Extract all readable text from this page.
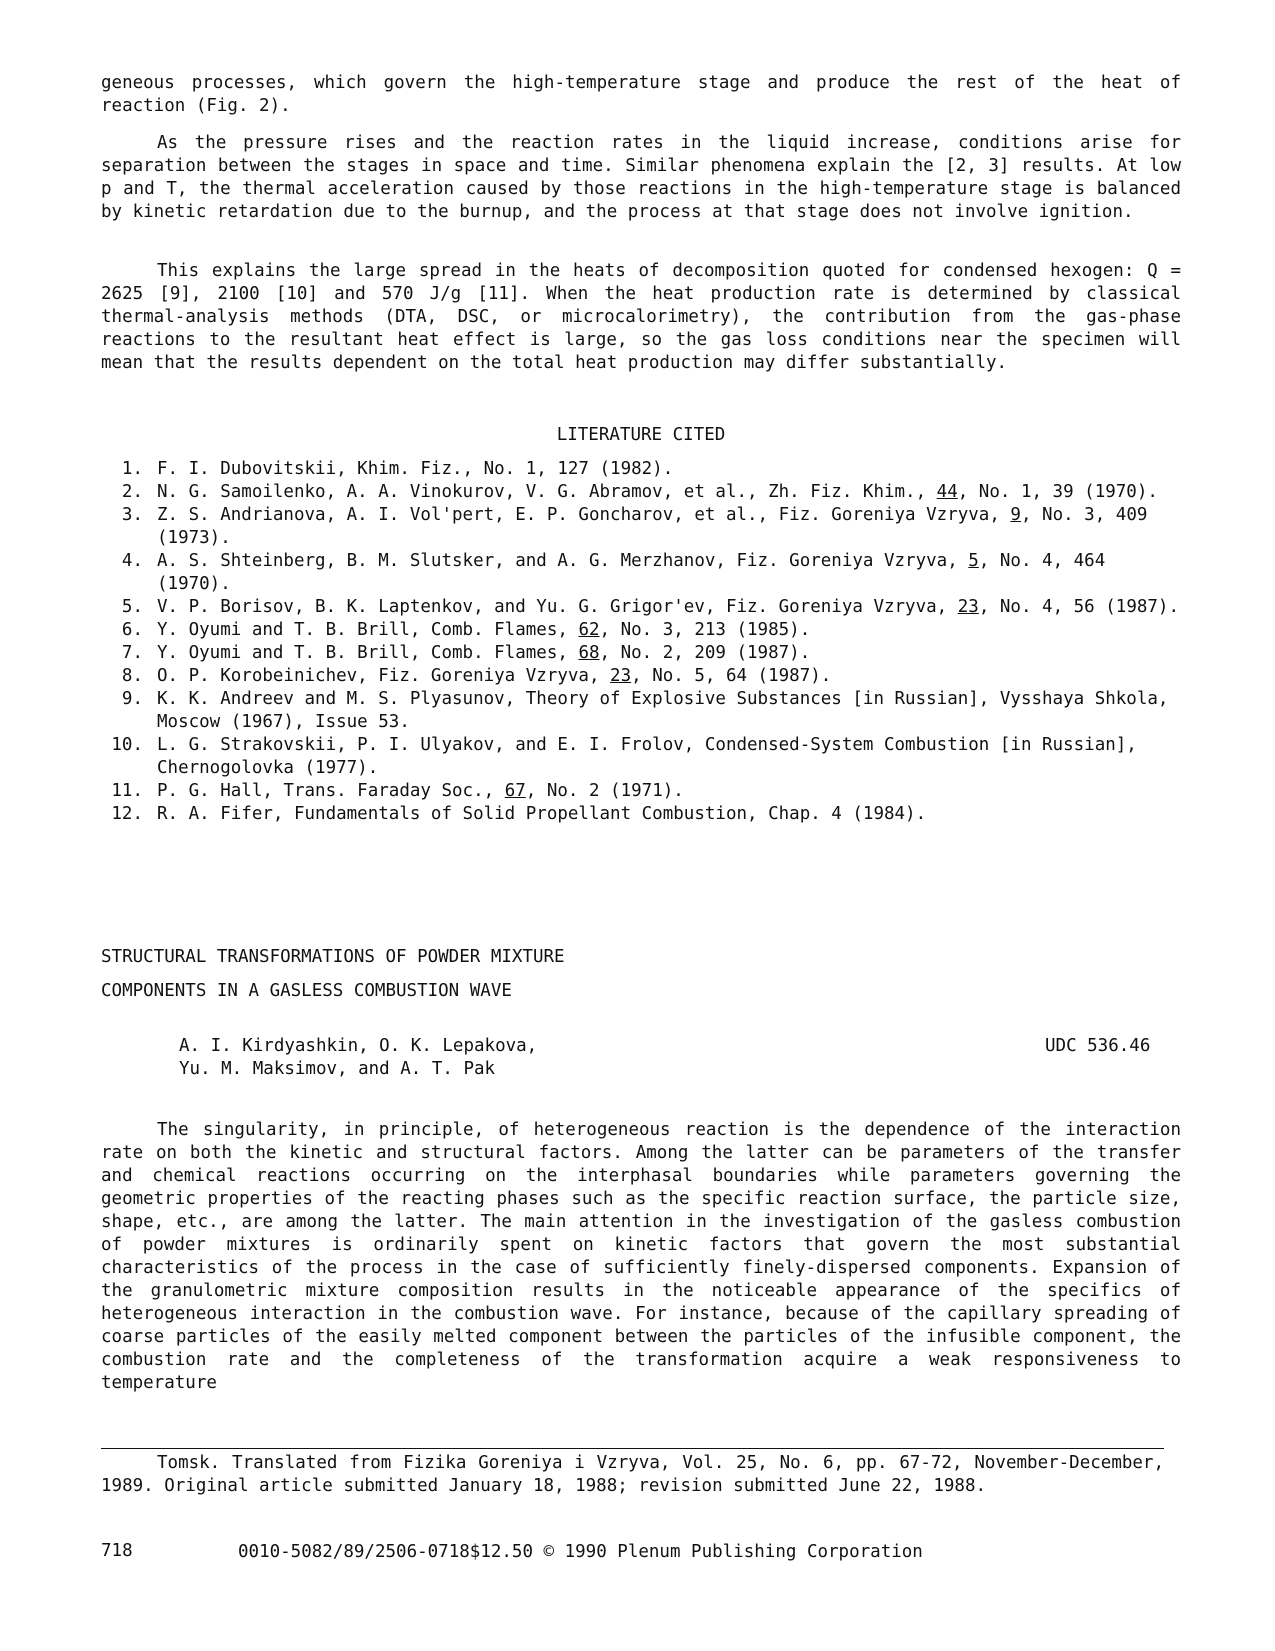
geneous processes, which govern the high-temperature stage and produce the rest of the heat of reaction (Fig. 2).

As the pressure rises and the reaction rates in the liquid increase, conditions arise for separation between the stages in space and time. Similar phenomena explain the [2, 3] results. At low p and T, the thermal acceleration caused by those reactions in the high-temperature stage is balanced by kinetic retardation due to the burnup, and the process at that stage does not involve ignition.

This explains the large spread in the heats of decomposition quoted for condensed hexogen: Q = 2625 [9], 2100 [10] and 570 J/g [11]. When the heat production rate is determined by classical thermal-analysis methods (DTA, DSC, or microcalorimetry), the contribution from the gas-phase reactions to the resultant heat effect is large, so the gas loss conditions near the specimen will mean that the results dependent on the total heat production may differ substantially.

LITERATURE CITED
1. F. I. Dubovitskii, Khim. Fiz., No. 1, 127 (1982).
2. N. G. Samoilenko, A. A. Vinokurov, V. G. Abramov, et al., Zh. Fiz. Khim., 44, No. 1, 39 (1970).
3. Z. S. Andrianova, A. I. Vol'pert, E. P. Goncharov, et al., Fiz. Goreniya Vzryva, 9, No. 3, 409 (1973).
4. A. S. Shteinberg, B. M. Slutsker, and A. G. Merzhanov, Fiz. Goreniya Vzryva, 5, No. 4, 464 (1970).
5. V. P. Borisov, B. K. Laptenkov, and Yu. G. Grigor'ev, Fiz. Goreniya Vzryva, 23, No. 4, 56 (1987).
6. Y. Oyumi and T. B. Brill, Comb. Flames, 62, No. 3, 213 (1985).
7. Y. Oyumi and T. B. Brill, Comb. Flames, 68, No. 2, 209 (1987).
8. O. P. Korobeinichev, Fiz. Goreniya Vzryva, 23, No. 5, 64 (1987).
9. K. K. Andreev and M. S. Plyasunov, Theory of Explosive Substances [in Russian], Vysshaya Shkola, Moscow (1967), Issue 53.
10. L. G. Strakovskii, P. I. Ulyakov, and E. I. Frolov, Condensed-System Combustion [in Russian], Chernogolovka (1977).
11. P. G. Hall, Trans. Faraday Soc., 67, No. 2 (1971).
12. R. A. Fifer, Fundamentals of Solid Propellant Combustion, Chap. 4 (1984).
STRUCTURAL TRANSFORMATIONS OF POWDER MIXTURE
COMPONENTS IN A GASLESS COMBUSTION WAVE
A. I. Kirdyashkin, O. K. Lepakova,
Yu. M. Maksimov, and A. T. Pak
UDC 536.46

The singularity, in principle, of heterogeneous reaction is the dependence of the interaction rate on both the kinetic and structural factors. Among the latter can be parameters of the transfer and chemical reactions occurring on the interphasal boundaries while parameters governing the geometric properties of the reacting phases such as the specific reaction surface, the particle size, shape, etc., are among the latter. The main attention in the investigation of the gasless combustion of powder mixtures is ordinarily spent on kinetic factors that govern the most substantial characteristics of the process in the case of sufficiently finely-dispersed components. Expansion of the granulometric mixture composition results in the noticeable appearance of the specifics of heterogeneous interaction in the combustion wave. For instance, because of the capillary spreading of coarse particles of the easily melted component between the particles of the infusible component, the combustion rate and the completeness of the transformation acquire a weak responsiveness to temperature

Tomsk. Translated from Fizika Goreniya i Vzryva, Vol. 25, No. 6, pp. 67-72, November-December, 1989. Original article submitted January 18, 1988; revision submitted June 22, 1988.

718	0010-5082/89/2506-0718$12.50 © 1990 Plenum Publishing Corporation
